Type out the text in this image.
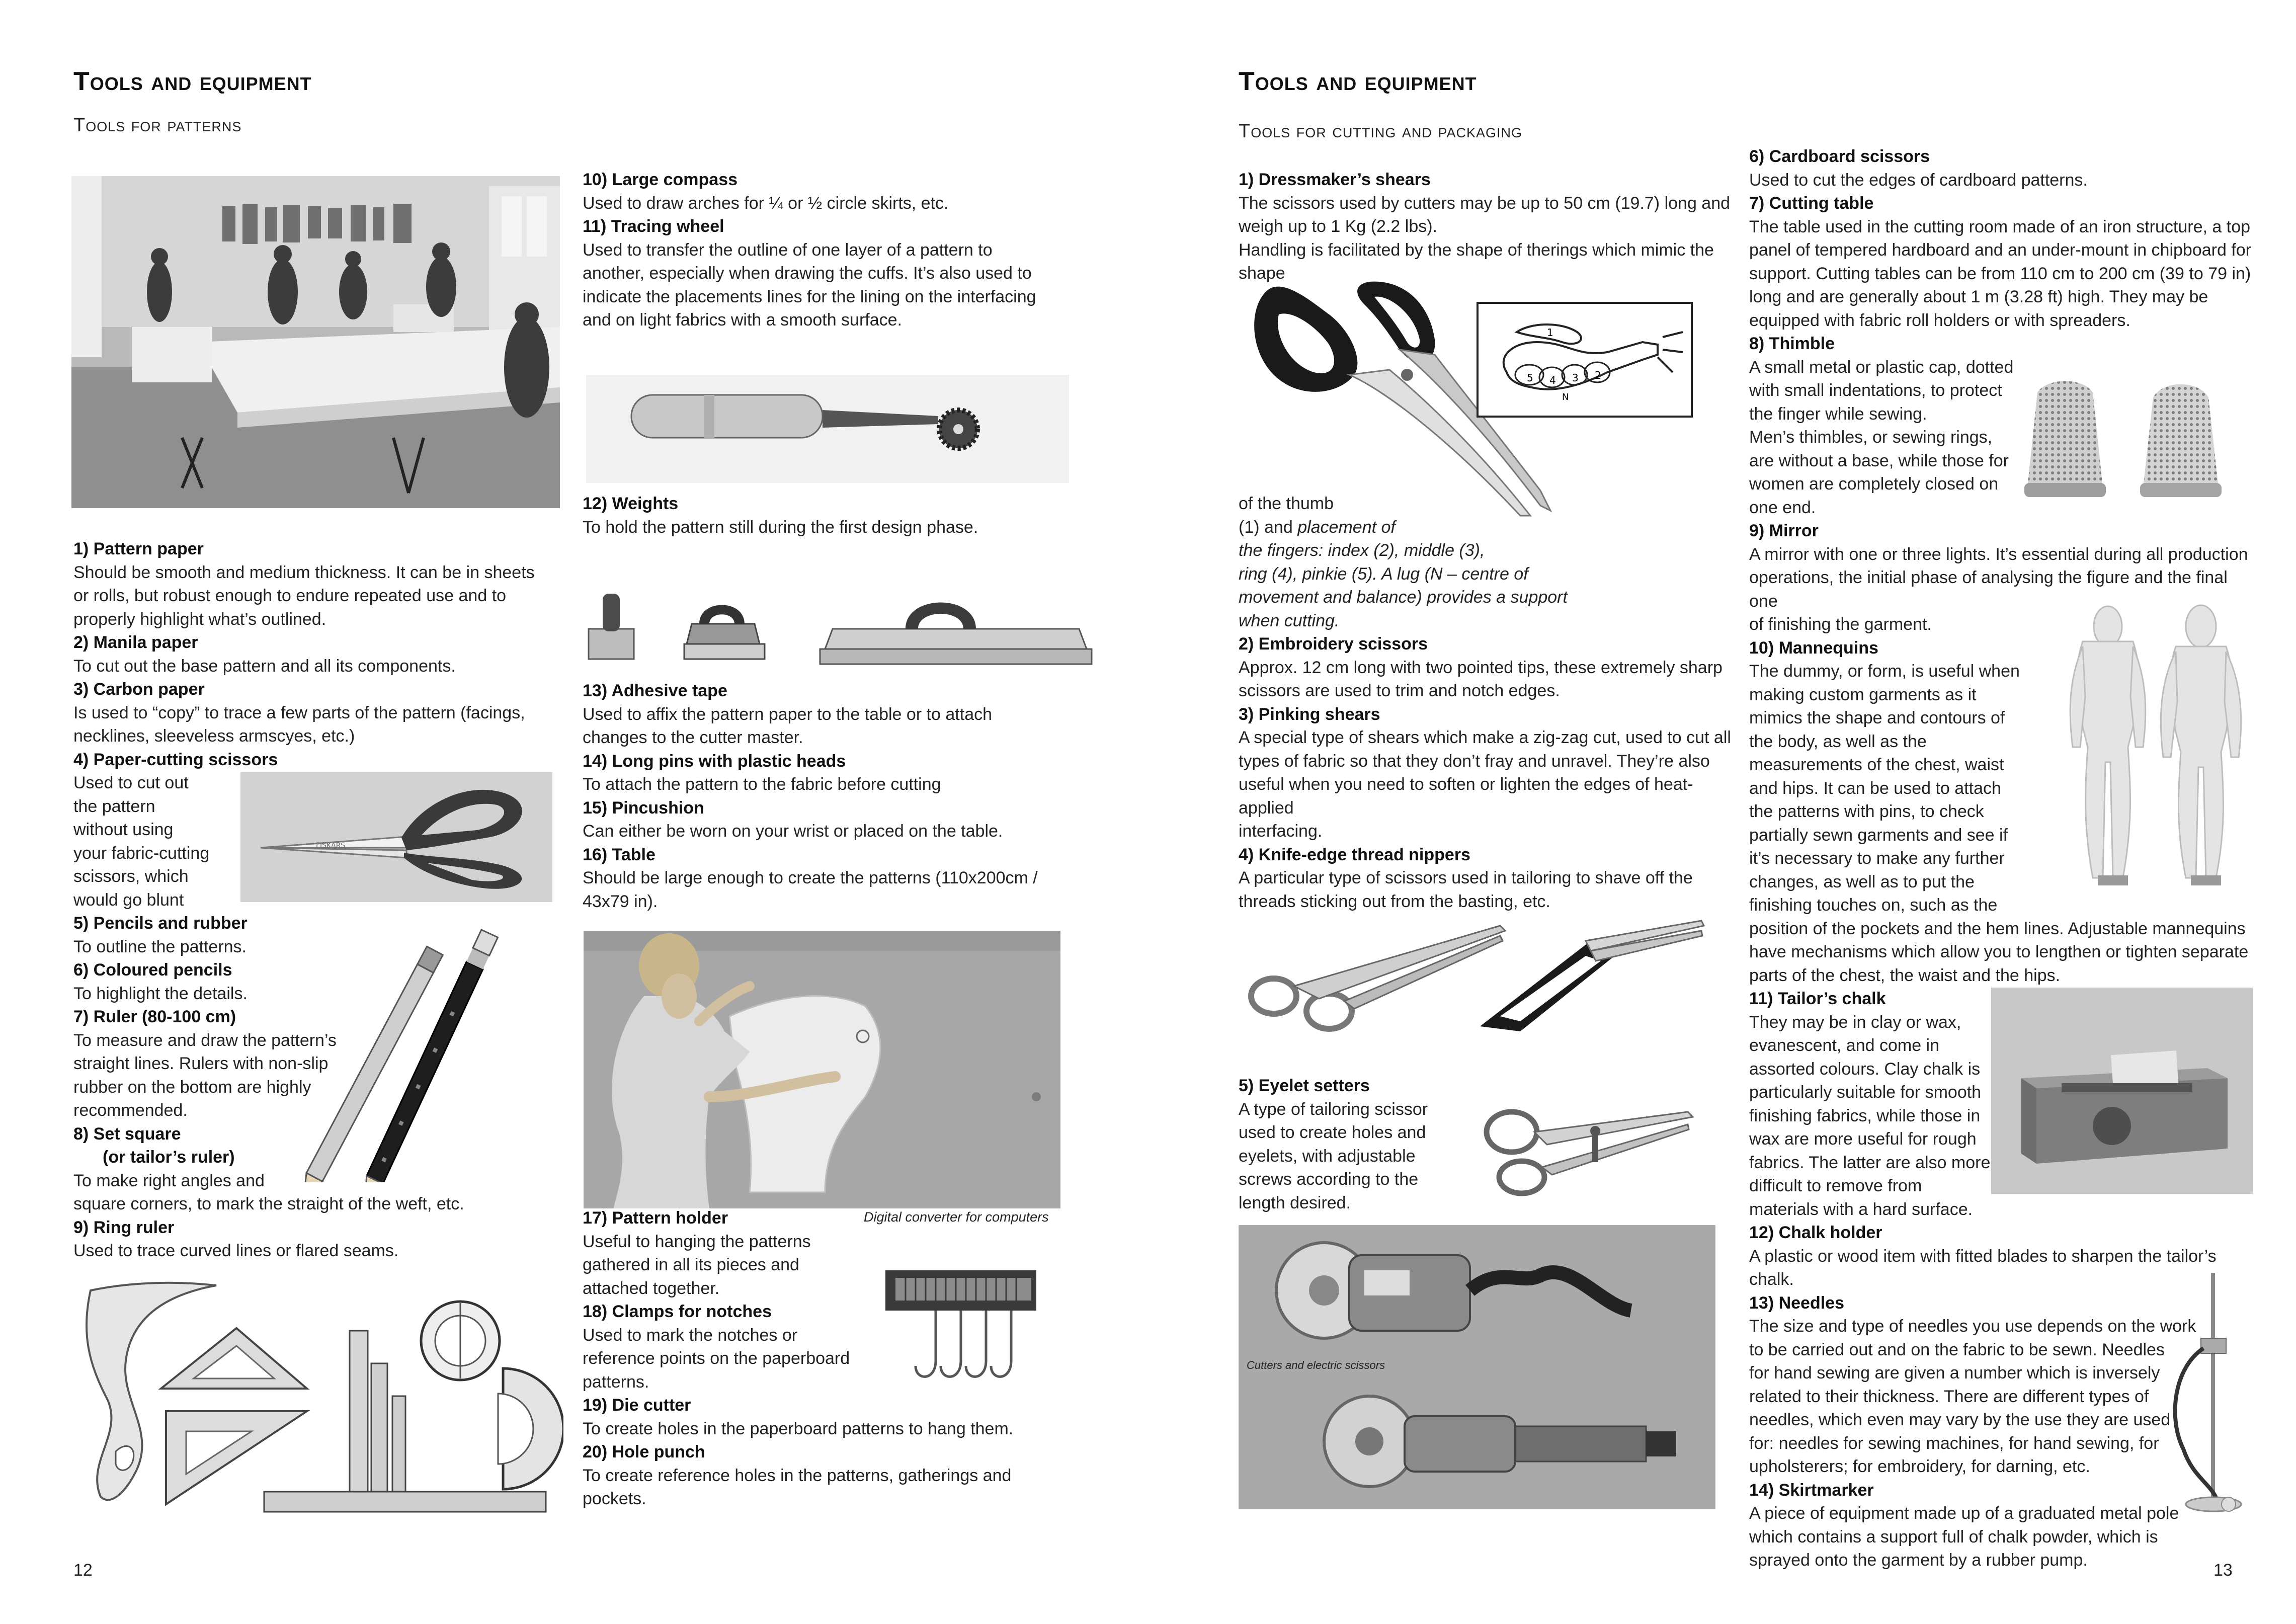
Tools and equipment
Tools for patterns
1) Pattern paper
Should be smooth and medium thickness. It can be in sheets
or rolls, but robust enough to endure repeated use and to
properly highlight what’s outlined.
2) Manila paper
To cut out the base pattern and all its components.
3) Carbon paper
Is used to “copy” to trace a few parts of the pattern (facings,
necklines, sleeveless armscyes, etc.)
4) Paper-cutting scissors
Used to cut out
the pattern
without using
your fabric-cutting
scissors, which
would go blunt
5) Pencils and rubber
To outline the patterns.
6) Coloured pencils
To highlight the details.
7) Ruler (80-100 cm)
To measure and draw the pattern’s
straight lines. Rulers with non-slip
rubber on the bottom are highly
recommended.
8) Set square
(or tailor’s ruler)
To make right angles and
square corners, to mark the straight of the weft, etc.
9) Ring ruler
Used to trace curved lines or flared seams.
FISKARS
10) Large compass
Used to draw arches for ¼ or ½ circle skirts, etc.
11) Tracing wheel
Used to transfer the outline of one layer of a pattern to
another, especially when drawing the cuffs. It’s also used to
indicate the placements lines for the lining on the interfacing
and on light fabrics with a smooth surface.
12) Weights
To hold the pattern still during the first design phase.
13) Adhesive tape
Used to affix the pattern paper to the table or to attach
changes to the cutter master.
14) Long pins with plastic heads
To attach the pattern to the fabric before cutting
15) Pincushion
Can either be worn on your wrist or placed on the table.
16) Table
Should be large enough to create the patterns (110x200cm /
43x79 in).
Digital converter for computers
17) Pattern holder
Useful to hanging the patterns
gathered in all its pieces and
attached together.
18) Clamps for notches
Used to mark the notches or
reference points on the paperboard
patterns.
19) Die cutter
To create holes in the paperboard patterns to hang them.
20) Hole punch
To create reference holes in the patterns, gatherings and
pockets.
12
Tools and equipment
Tools for cutting and packaging
1) Dressmaker’s shears
The scissors used by cutters may be up to 50 cm (19.7) long and
weigh up to 1 Kg (2.2 lbs).
Handling is facilitated by the shape of therings which mimic the shape
5 4 3 2
1
N
of the thumb
(1) and placement of
the fingers: index (2), middle (3),
ring (4), pinkie (5). A lug (N – centre of
movement and balance) provides a support
when cutting.
2) Embroidery scissors
Approx. 12 cm long with two pointed tips, these extremely sharp
scissors are used to trim and notch edges.
3) Pinking shears
A special type of shears which make a zig-zag cut, used to cut all
types of fabric so that they don’t fray and unravel. They’re also
useful when you need to soften or lighten the edges of heat-applied
interfacing.
4) Knife-edge thread nippers
A particular type of scissors used in tailoring to shave off the
threads sticking out from the basting, etc.
5) Eyelet setters
A type of tailoring scissor
used to create holes and
eyelets, with adjustable
screws according to the
length desired.
Cutters and electric scissors
6) Cardboard scissors
Used to cut the edges of cardboard patterns.
7) Cutting table
The table used in the cutting room made of an iron structure, a top
panel of tempered hardboard and an under-mount in chipboard for
support. Cutting tables can be from 110 cm to 200 cm (39 to 79 in)
long and are generally about 1 m (3.28 ft) high. They may be
equipped with fabric roll holders or with spreaders.
8) Thimble
A small metal or plastic cap, dotted
with small indentations, to protect
the finger while sewing.
Men’s thimbles, or sewing rings,
are without a base, while those for
women are completely closed on
one end.
9) Mirror
A mirror with one or three lights. It’s essential during all production
operations, the initial phase of analysing the figure and the final one
of finishing the garment.
10) Mannequins
The dummy, or form, is useful when
making custom garments as it
mimics the shape and contours of
the body, as well as the
measurements of the chest, waist
and hips. It can be used to attach
the patterns with pins, to check
partially sewn garments and see if
it’s necessary to make any further
changes, as well as to put the
finishing touches on, such as the
position of the pockets and the hem lines. Adjustable mannequins
have mechanisms which allow you to lengthen or tighten separate
parts of the chest, the waist and the hips.
11) Tailor’s chalk
They may be in clay or wax,
evanescent, and come in
assorted colours. Clay chalk is
particularly suitable for smooth
finishing fabrics, while those in
wax are more useful for rough
fabrics. The latter are also more
difficult to remove from
materials with a hard surface.
12) Chalk holder
A plastic or wood item with fitted blades to sharpen the tailor’s chalk.
13) Needles
The size and type of needles you use depends on the work
to be carried out and on the fabric to be sewn. Needles
for hand sewing are given a number which is inversely
related to their thickness. There are different types of
needles, which even may vary by the use they are used
for: needles for sewing machines, for hand sewing, for
upholsterers; for embroidery, for darning, etc.
14) Skirtmarker
A piece of equipment made up of a graduated metal pole
which contains a support full of chalk powder, which is
sprayed onto the garment by a rubber pump.
13
